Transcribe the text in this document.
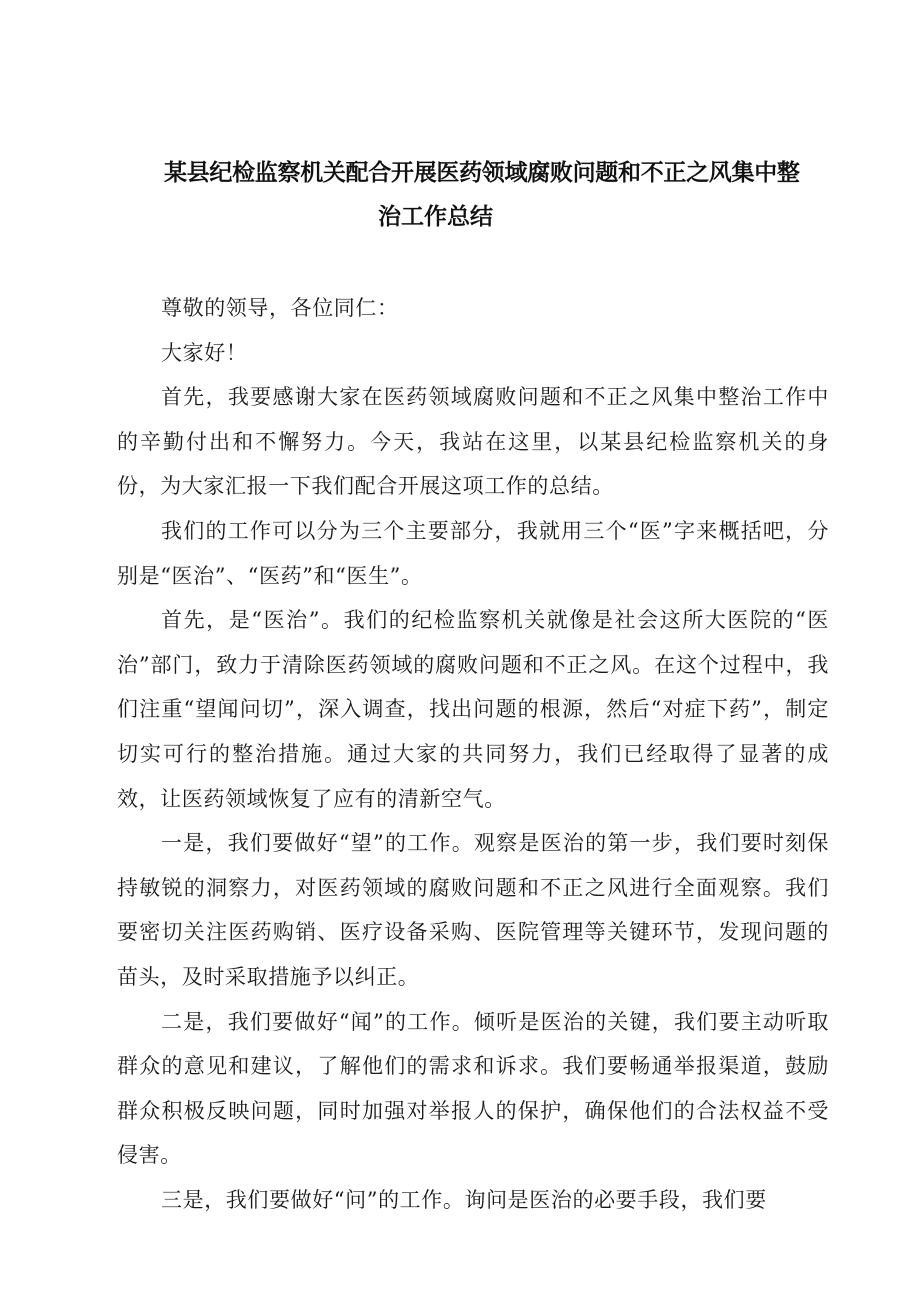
某县纪检监察机关配合开展医药领域腐败问题和不正之风集中整
治工作总结

尊敬的领导，各位同仁：

大家好！

首先，我要感谢大家在医药领域腐败问题和不正之风集中整治工作中的辛勤付出和不懈努力。今天，我站在这里，以某县纪检监察机关的身份，为大家汇报一下我们配合开展这项工作的总结。

我们的工作可以分为三个主要部分，我就用三个“医”字来概括吧，分别是“医治”、“医药”和“医生”。

首先，是“医治”。我们的纪检监察机关就像是社会这所大医院的“医治”部门，致力于清除医药领域的腐败问题和不正之风。在这个过程中，我们注重“望闻问切”，深入调查，找出问题的根源，然后“对症下药”，制定切实可行的整治措施。通过大家的共同努力，我们已经取得了显著的成效，让医药领域恢复了应有的清新空气。

一是，我们要做好“望”的工作。观察是医治的第一步，我们要时刻保持敏锐的洞察力，对医药领域的腐败问题和不正之风进行全面观察。我们要密切关注医药购销、医疗设备采购、医院管理等关键环节，发现问题的苗头，及时采取措施予以纠正。

二是，我们要做好“闻”的工作。倾听是医治的关键，我们要主动听取群众的意见和建议，了解他们的需求和诉求。我们要畅通举报渠道，鼓励群众积极反映问题，同时加强对举报人的保护，确保他们的合法权益不受侵害。

三是，我们要做好“问”的工作。询问是医治的必要手段，我们要
